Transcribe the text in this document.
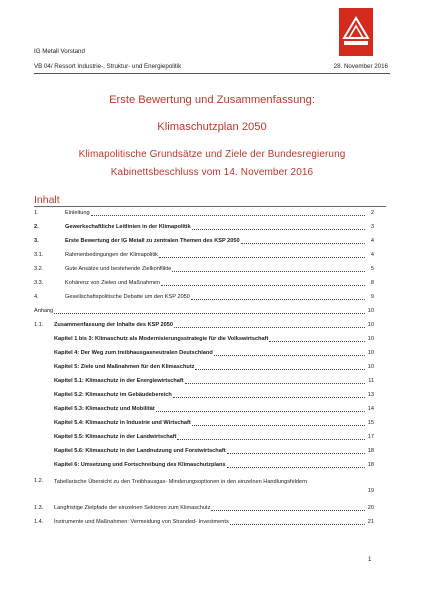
IG Metall Vorstand
VB 04/ Ressort Industrie-, Struktur- und Energiepolitik	28. November 2016
Erste Bewertung und Zusammenfassung:
Klimaschutzplan 2050
Klimapolitische Grundsätze und Ziele der Bundesregierung
Kabinettsbeschluss vom 14. November 2016
Inhalt
1.	Einleitung	2
2.	Gewerkschaftliche Leitlinien in der Klimapolitik	3
3.	Erste Bewertung der IG Metall zu zentralen Themen des KSP 2050	4
3.1.	Rahmenbedingungen der Klimapolitik	4
3.2.	Gute Ansätze und bestehende Zielkonflikte	5
3.3.	Kohärenz von Zielen und Maßnahmen	8
4.	Gesellschaftspolitische Debatte um den KSP 2050	9
Anhang	10
1.1. Zusammenfassung der Inhalte des KSP 2050	10
Kapitel 1 bis 3: Klimaschutz als Modernisierungsstrategie für die Volkswirtschaft	10
Kapitel 4: Der Weg zum treibhausgasneutralen Deutschland	10
Kapitel 5: Ziele und Maßnahmen für den Klimaschutz	10
Kapitel 5.1: Klimaschutz in der Energiewirtschaft	11
Kapitel 5.2: Klimaschutz im Gebäudebereich	13
Kapitel 5.3: Klimaschutz und Mobilität	14
Kapitel 5.4: Klimaschutz in Industrie und Wirtschaft	15
Kapitel 5.5: Klimaschutz in der Landwirtschaft	17
Kapitel 5.6: Klimaschutz in der Landnutzung und Forstwirtschaft	18
Kapitel 6: Umsetzung und Fortschreibung des Klimaschutzplans	18
1.2. Tabellarische Übersicht zu den Treibhausgas- Minderungsoptionen in den einzelnen Handlungsfeldern
19
1.3. Langfristige Zielpfade der einzelnen Sektoren zum Klimaschutz	20
1.4. Instrumente und Maßnahmen: Vermeidung von Stranded- Investments	21
1
